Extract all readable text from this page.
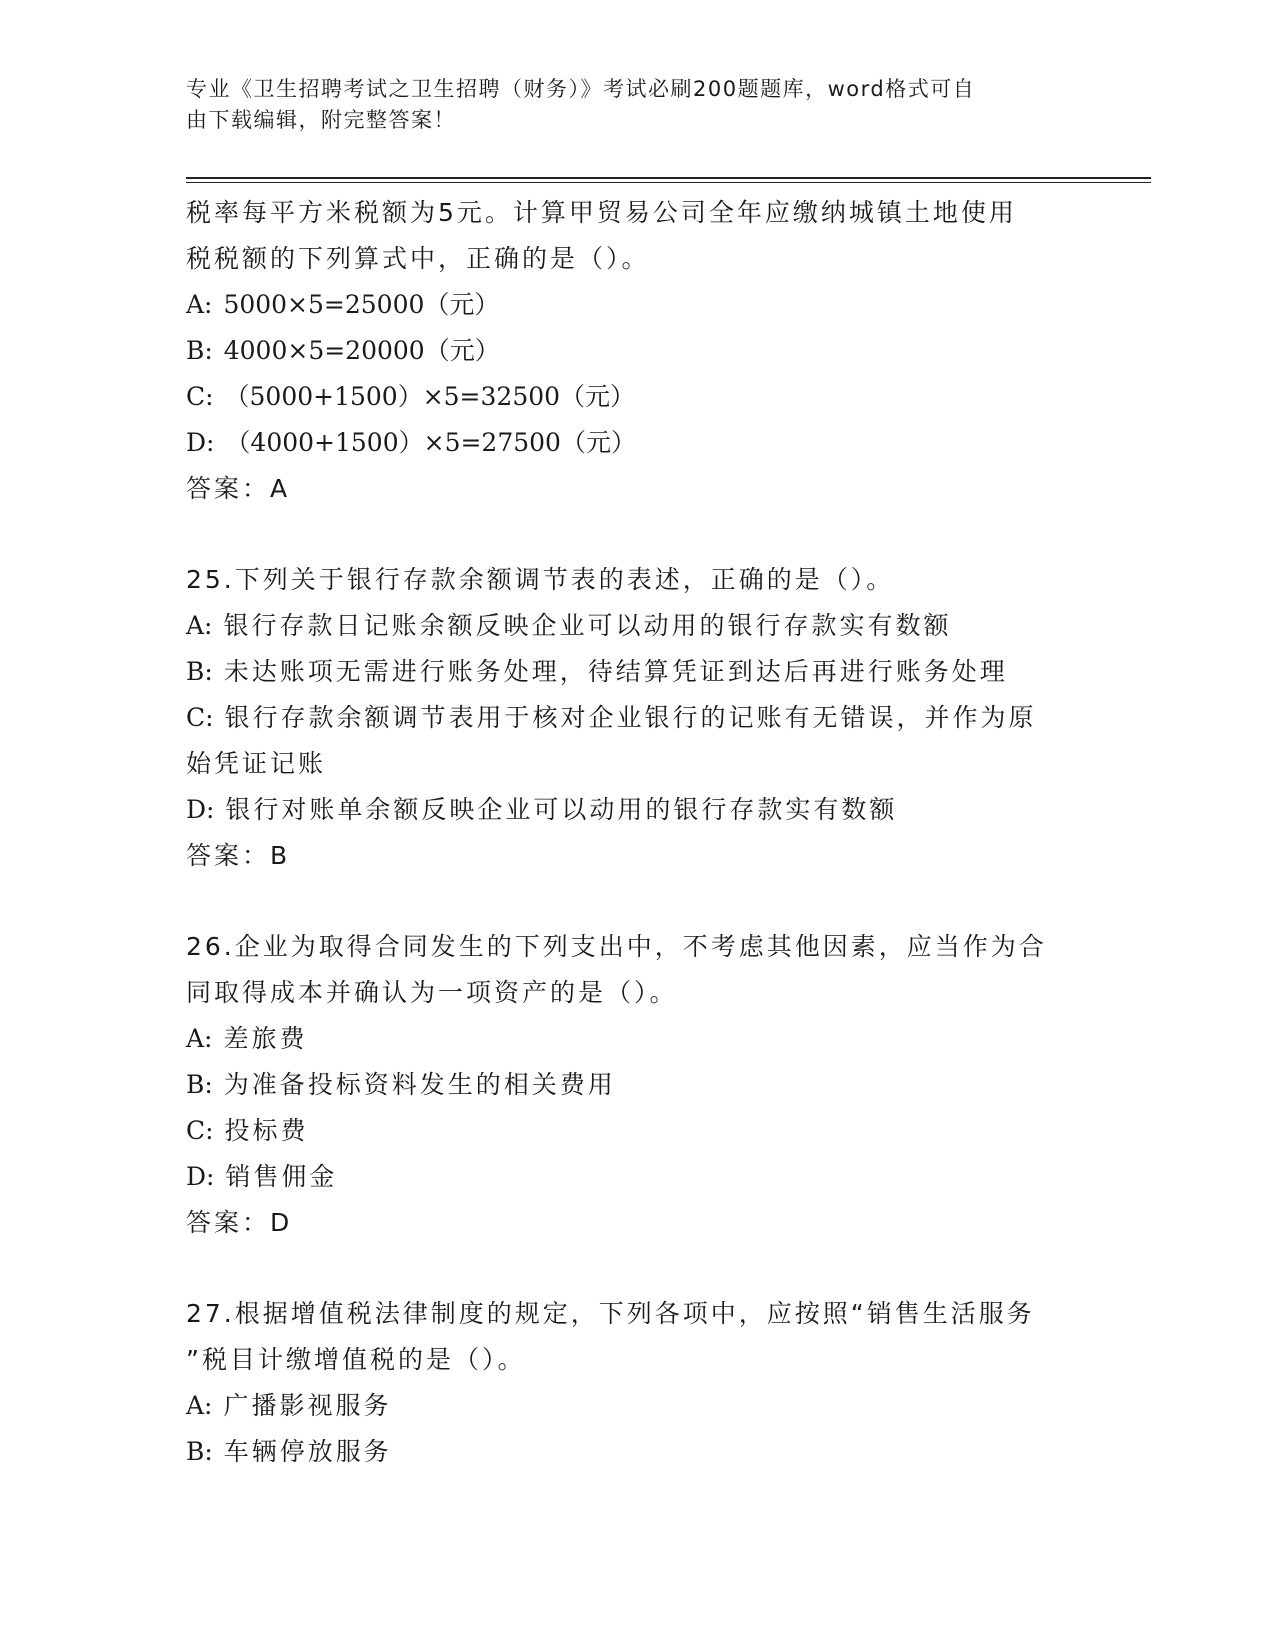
专业《卫生招聘考试之卫生招聘（财务）》考试必刷200题题库，word格式可自
由下载编辑，附完整答案！
税率每平方米税额为5元。计算甲贸易公司全年应缴纳城镇土地使用
税税额的下列算式中，正确的是（）。
A: 5000×5=25000（元）
B: 4000×5=20000（元）
C: （5000+1500）×5=32500（元）
D: （4000+1500）×5=27500（元）
答案：A
25.下列关于银行存款余额调节表的表述，正确的是（）。
A: 银行存款日记账余额反映企业可以动用的银行存款实有数额
B: 未达账项无需进行账务处理，待结算凭证到达后再进行账务处理
C: 银行存款余额调节表用于核对企业银行的记账有无错误，并作为原
始凭证记账
D: 银行对账单余额反映企业可以动用的银行存款实有数额
答案：B
26.企业为取得合同发生的下列支出中，不考虑其他因素，应当作为合
同取得成本并确认为一项资产的是（）。
A: 差旅费
B: 为准备投标资料发生的相关费用
C: 投标费
D: 销售佣金
答案：D
27.根据增值税法律制度的规定，下列各项中，应按照“销售生活服务
”税目计缴增值税的是（）。
A: 广播影视服务
B: 车辆停放服务
